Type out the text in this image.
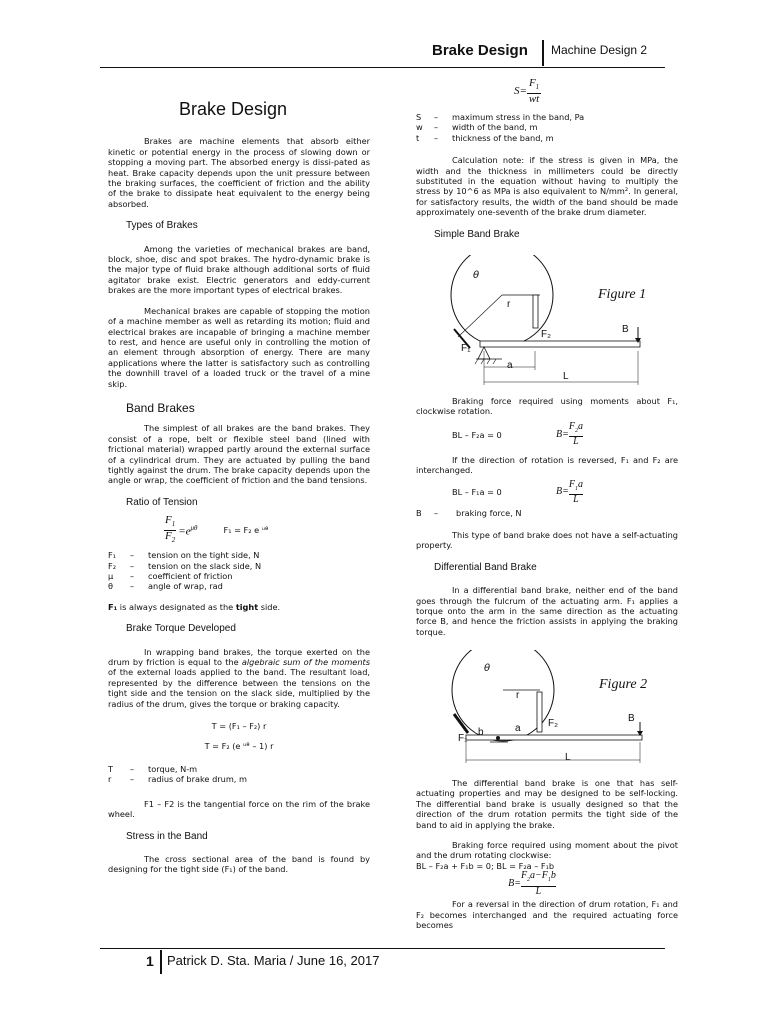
Brake Design Machine Design 2
Brake Design

Brakes are machine elements that absorb either kinetic or potential energy in the process of slowing down or stopping a moving part. The absorbed energy is dissi-pated as heat. Brake capacity depends upon the unit pressure between the braking surfaces, the coefficient of friction and the ability of the brake to dissipate heat equivalent to the energy being absorbed.

Types of Brakes

Among the varieties of mechanical brakes are band, block, shoe, disc and spot brakes. The hydro-dynamic brake is the major type of fluid brake although additional sorts of fluid agitator brake exist. Electric generators and eddy-current brakes are the more important types of electrical brakes.

Mechanical brakes are capable of stopping the motion of a machine member as well as retarding its motion; fluid and electrical brakes are incapable of bringing a machine member to rest, and hence are useful only in controlling the motion of an element through absorption of energy. There are many applications where the latter is satisfactory such as controlling the downhill travel of a loaded truck or the travel of a mine skip.

Band Brakes

The simplest of all brakes are the band brakes. They consist of a rope, belt or flexible steel band (lined with frictional material) wrapped partly around the external surface of a cylindrical drum. They are actuated by pulling the band tightly against the drum. The brake capacity depends upon the angle or wrap, the coefficient of friction and the band tensions.

Ratio of Tension
$\frac{F_1}{F_2} =e^{\mu\theta}$	F₁ = F₂ e ᵘᶿ
F₁	–	tension on the tight side, N
F₂	–	tension on the slack side, N
μ	–	coefficient of friction
θ	–	angle of wrap, rad
F₁ is always designated as the tight side.
Brake Torque Developed

In wrapping band brakes, the torque exerted on the drum by friction is equal to the algebraic sum of the moments of the external loads applied to the band. The resultant load, represented by the difference between the tensions on the tight side and the tension on the slack side, multiplied by the radius of the drum, gives the torque or braking capacity.

T = (F₁ – F₂) r
T = F₂ (e ᵘᶿ – 1) r
T	–	torque, N-m
r	–	radius of brake drum, m

F1 – F2 is the tangential force on the rim of the brake wheel.

Stress in the Band

The cross sectional area of the band is found by designing for the tight side (F₁) of the band.

$S= \frac{F_1}{wt}$
S	–	maximum stress in the band, Pa
w	–	width of the band, m
t	–	thickness of the band, m

Calculation note: if the stress is given in MPa, the width and the thickness in millimeters could be directly substituted in the equation without having to multiply the stress by 10^6 as MPa is also equivalent to N/mm². In general, for satisfactory results, the width of the band should be made approximately one-seventh of the brake drum diameter.

Simple Band Brake
θ
r
Figure 1
F₂	B
F₁
a
L

Braking force required using moments about F₁, clockwise rotation.

BL – F₂a = 0	B=
$F_2a$
L

If the direction of rotation is reversed, F₁ and F₂ are interchanged.

BL – F₁a = 0	B=
$F_1a$
L
B	–	braking force, N

This type of band brake does not have a self-actuating property.

Differential Band Brake

In a differential band brake, neither end of the band goes through the fulcrum of the actuating arm. F₁ applies a torque onto the arm in the same direction as the actuating force B, and hence the friction assists in applying the braking torque.

θ
r
Figure 2
F₂	B
a
b
F₁
L

The differential band brake is one that has self-actuating properties and may be designed to be self-locking. The differential band brake is usually designed so that the direction of the drum rotation permits the tight side of the band to aid in applying the brake.

Braking force required using moment about the pivot and the drum rotating clockwise:

BL – F₂a + F₁b = 0; BL = F₂a – F₁b
B=
$F_2a-F_1b$
L

For a reversal in the direction of drum rotation, F₁ and F₂ becomes interchanged and the required actuating force becomes

1 Patrick D. Sta. Maria / June 16, 2017
